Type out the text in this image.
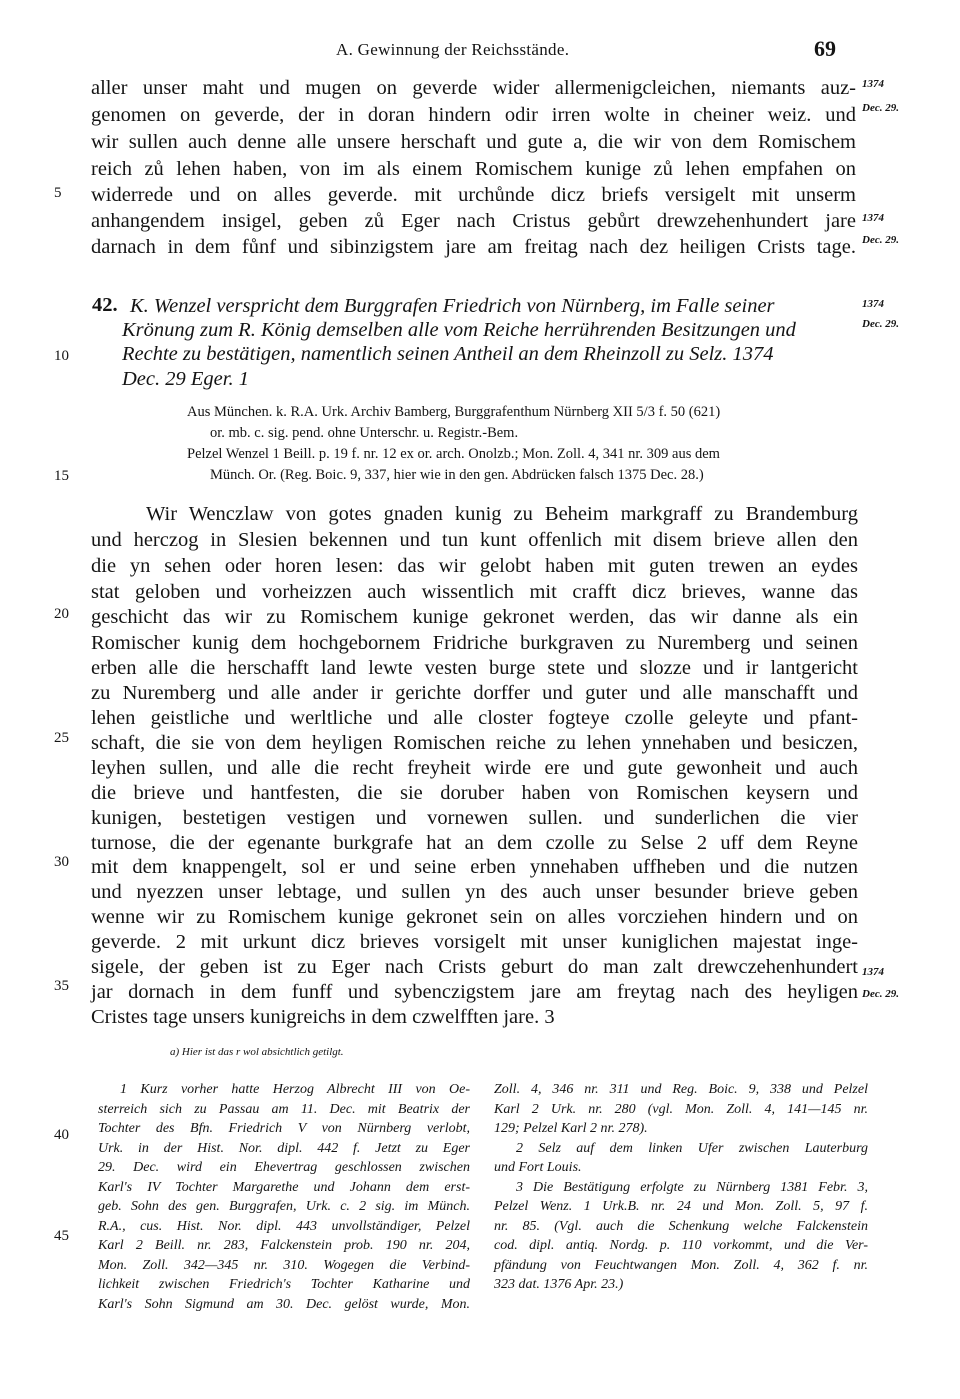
A. Gewinnung der Reichsstände.	69
aller unser maht und mugen on geverde wider allermenigcleichen, niemants auz-
genomen on geverde, der in doran hindern odir irren wolte in cheiner weiz. und
wir sullen auch denne alle unsere herschaft und gute a, die wir von dem Romischem
reich zů lehen haben, von im als einem Romischem kunige zů lehen empfahen on
widerrede und on alles geverde. mit urchůnde dicz briefs versigelt mit unserm
anhangendem insigel, geben zů Eger nach Cristus gebůrt drewzehenhundert jare
darnach in dem fůnf und sibinzigstem jare am freitag nach dez heiligen Crists tage.
1374
Dec. 29.
1374
Dec. 29.
1374
Dec. 29.
1374
Dec. 29.
5
10
15
20
25
30
35
40
45
42. K. Wenzel verspricht dem Burggrafen Friedrich von Nürnberg, im Falle seiner
Krönung zum R. König demselben alle vom Reiche herrührenden Besitzungen und
Rechte zu bestätigen, namentlich seinen Antheil an dem Rheinzoll zu Selz. 1374
Dec. 29 Eger. 1
Aus München. k. R.A. Urk. Archiv Bamberg, Burggrafenthum Nürnberg XII 5/3 f. 50 (621)
or. mb. c. sig. pend. ohne Unterschr. u. Registr.-Bem.
Pelzel Wenzel 1 Beill. p. 19 f. nr. 12 ex or. arch. Onolzb.; Mon. Zoll. 4, 341 nr. 309 aus dem
Münch. Or. (Reg. Boic. 9, 337, hier wie in den gen. Abdrücken falsch 1375 Dec. 28.)
Wir Wenczlaw von gotes gnaden kunig zu Beheim markgraff zu Brandemburg
und herczog in Slesien bekennen und tun kunt offenlich mit disem brieve allen den
die yn sehen oder horen lesen: das wir gelobt haben mit guten trewen an eydes
stat geloben und vorheizzen auch wissentlich mit crafft dicz brieves, wanne das
geschicht das wir zu Romischem kunige gekronet werden, das wir danne als ein
Romischer kunig dem hochgebornem Fridriche burkgraven zu Nuremberg und seinen
erben alle die herschafft land lewte vesten burge stete und slozze und ir lantgericht
zu Nuremberg und alle ander ir gerichte dorffer und guter und alle manschafft und
lehen geistliche und werltliche und alle closter fogteye czolle geleyte und pfant-
schaft, die sie von dem heyligen Romischen reiche zu lehen ynnehaben und besiczen,
leyhen sullen, und alle die recht freyheit wirde ere und gute gewonheit und auch
die brieve und hantfesten, die sie doruber haben von Romischen keysern und
kunigen, bestetigen vestigen und vornewen sullen. und sunderlichen die vier
turnose, die der egenante burkgrafe hat an dem czolle zu Selse 2 uff dem Reyne
mit dem knappengelt, sol er und seine erben ynnehaben uffheben und die nutzen
und nyezzen unser lebtage, und sullen yn des auch unser besunder brieve geben
wenne wir zu Romischem kunige gekronet sein on alles vorcziehen hindern und on
geverde. 2 mit urkunt dicz brieves vorsigelt mit unser kuniglichen majestat inge-
sigele, der geben ist zu Eger nach Crists geburt do man zalt drewczehenhundert
jar dornach in dem funff und sybenczigstem jare am freytag nach des heyligen
Cristes tage unsers kunigreichs in dem czwelfften jare. 3
a) Hier ist das r wol absichtlich getilgt.
1 Kurz vorher hatte Herzog Albrecht III von Oe-
sterreich sich zu Passau am 11. Dec. mit Beatrix der
Tochter des Bfn. Friedrich V von Nürnberg verlobt,
Urk. in der Hist. Nor. dipl. 442 f. Jetzt zu Eger
29. Dec. wird ein Ehevertrag geschlossen zwischen
Karl's IV Tochter Margarethe und Johann dem erst-
geb. Sohn des gen. Burggrafen, Urk. c. 2 sig. im Münch.
R.A., cus. Hist. Nor. dipl. 443 unvollständiger, Pelzel
Karl 2 Beill. nr. 283, Falckenstein prob. 190 nr. 204,
Mon. Zoll. 342—345 nr. 310. Wogegen die Verbind-
lichkeit zwischen Friedrich's Tochter Katharine und
Karl's Sohn Sigmund am 30. Dec. gelöst wurde, Mon.
Zoll. 4, 346 nr. 311 und Reg. Boic. 9, 338 und Pelzel
Karl 2 Urk. nr. 280 (vgl. Mon. Zoll. 4, 141—145 nr.
129; Pelzel Karl 2 nr. 278).
2 Selz auf dem linken Ufer zwischen Lauterburg
und Fort Louis.
3 Die Bestätigung erfolgte zu Nürnberg 1381 Febr. 3,
Pelzel Wenz. 1 Urk.B. nr. 24 und Mon. Zoll. 5, 97 f.
nr. 85. (Vgl. auch die Schenkung welche Falckenstein
cod. dipl. antiq. Nordg. p. 110 vorkommt, und die Ver-
pfändung von Feuchtwangen Mon. Zoll. 4, 362 f. nr.
323 dat. 1376 Apr. 23.)
